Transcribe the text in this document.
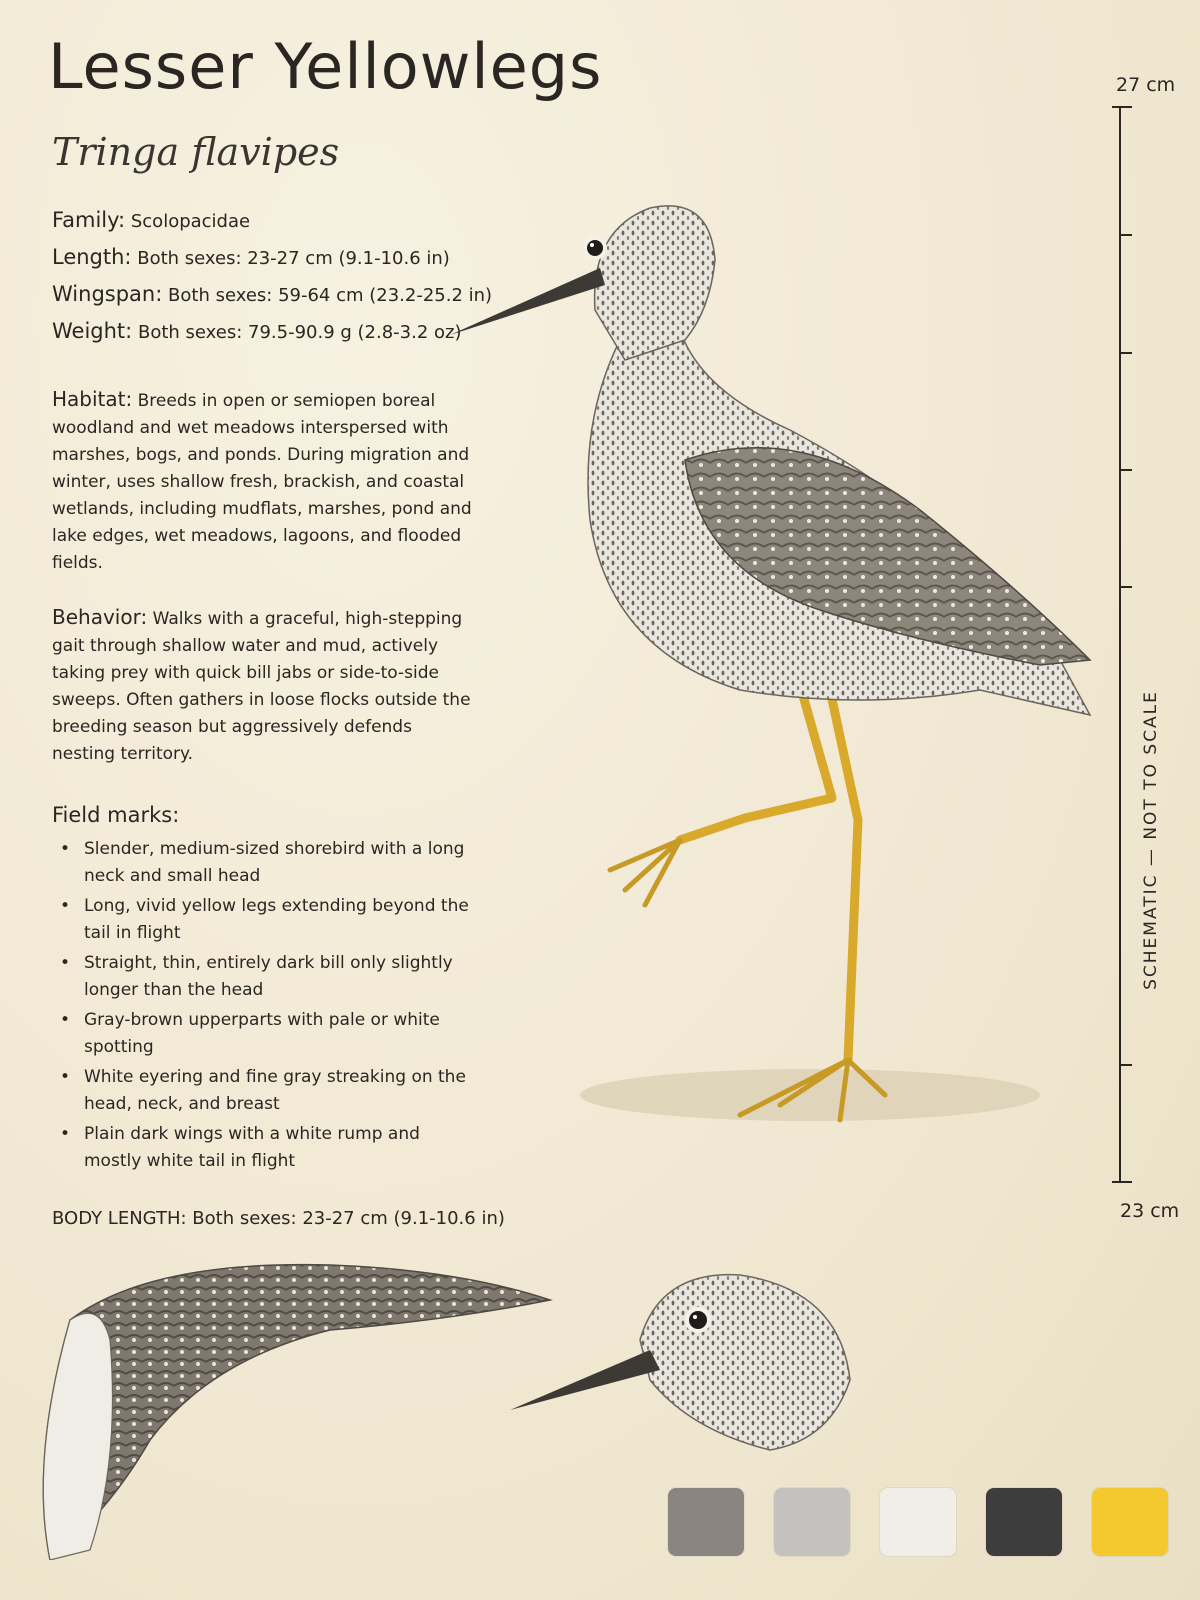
Lesser Yellowlegs
Tringa flavipes

Family: Scolopacidae

Length: Both sexes: 23-27 cm (9.1-10.6 in)

Wingspan: Both sexes: 59-64 cm (23.2-25.2 in)

Weight: Both sexes: 79.5-90.9 g (2.8-3.2 oz)

Habitat: Breeds in open or semiopen boreal woodland and wet meadows interspersed with marshes, bogs, and ponds. During migration and winter, uses shallow fresh, brackish, and coastal wetlands, including mudflats, marshes, pond and lake edges, wet meadows, lagoons, and flooded fields.
Behavior: Walks with a graceful, high-stepping gait through shallow water and mud, actively taking prey with quick bill jabs or side-to-side sweeps. Often gathers in loose flocks outside the breeding season but aggressively defends nesting territory.
Field marks:
• Slender, medium-sized shorebird with a long neck and small head
• Long, vivid yellow legs extending beyond the tail in flight
• Straight, thin, entirely dark bill only slightly longer than the head
• Gray-brown upperparts with pale or white spotting
• White eyering and fine gray streaking on the head, neck, and breast
• Plain dark wings with a white rump and mostly white tail in flight
BODY LENGTH: Both sexes: 23-27 cm (9.1-10.6 in)
27 cm
SCHEMATIC — NOT TO SCALE
23 cm
